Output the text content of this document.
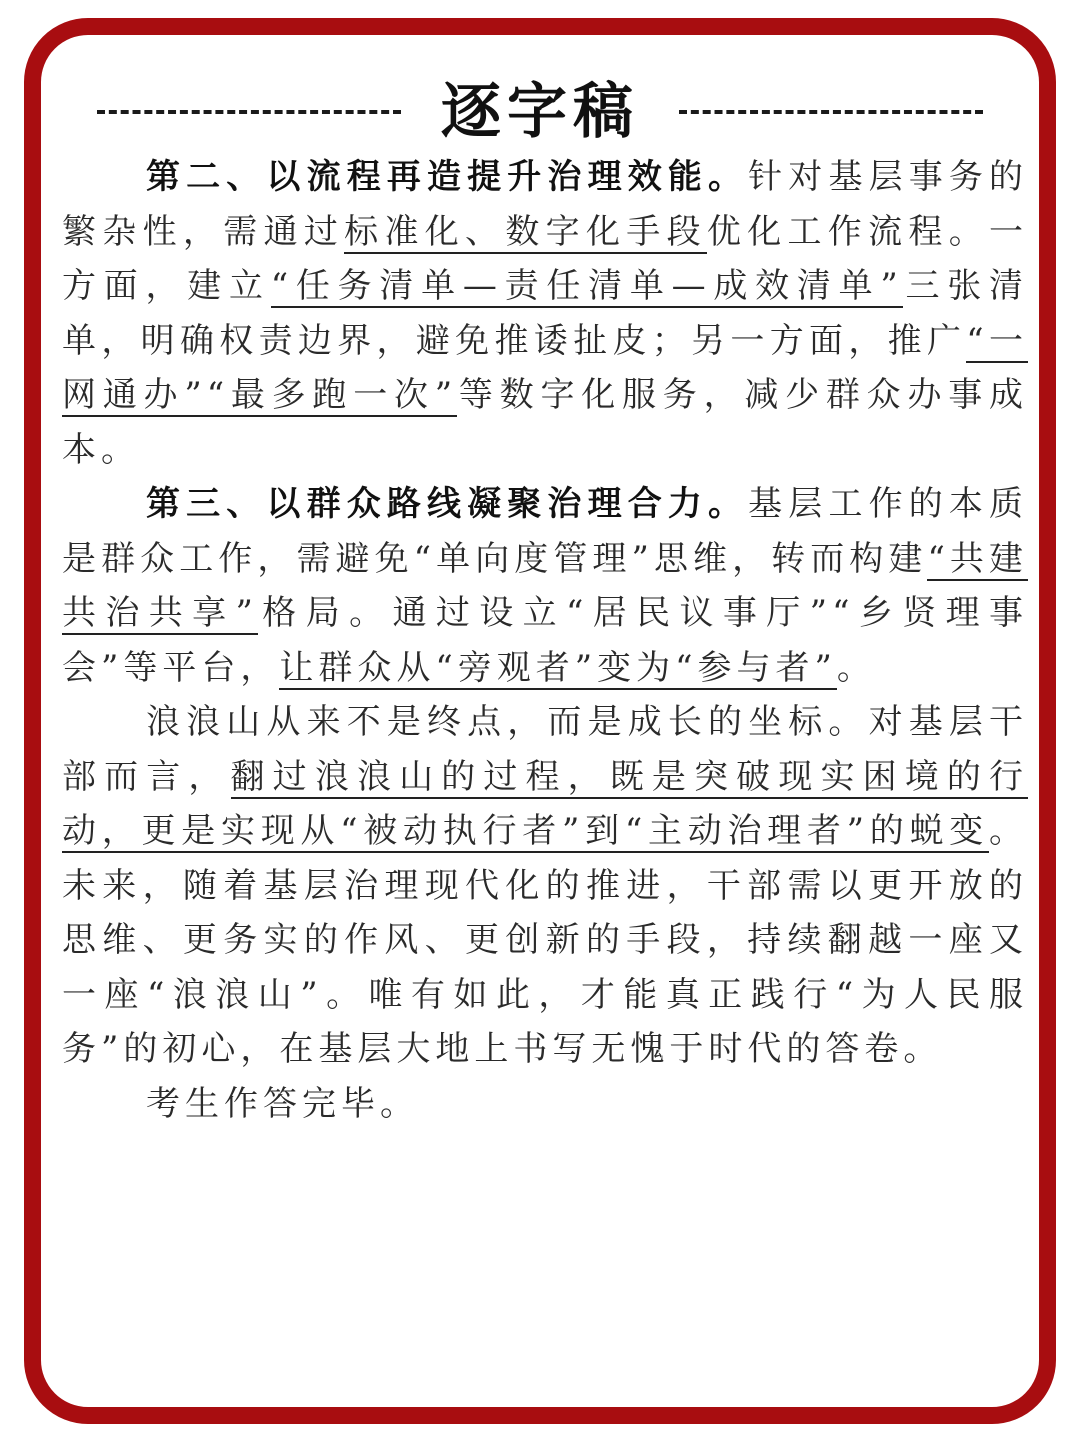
逐字稿

第二、以流程再造提升治理效能。针对基层事务的繁杂性，需通过标准化、数字化手段优化工作流程。一方面，建立“任务清单—责任清单—成效清单”三张清单，明确权责边界，避免推诿扯皮；另一方面，推广“一网通办”“最多跑一次”等数字化服务，减少群众办事成本。

第三、以群众路线凝聚治理合力。基层工作的本质是群众工作，需避免“单向度管理”思维，转而构建“共建共治共享”格局。通过设立“居民议事厅”“乡贤理事会”等平台，让群众从“旁观者”变为“参与者”。

浪浪山从来不是终点，而是成长的坐标。对基层干部而言，翻过浪浪山的过程，既是突破现实困境的行动，更是实现从“被动执行者”到“主动治理者”的蜕变。未来，随着基层治理现代化的推进，干部需以更开放的思维、更务实的作风、更创新的手段，持续翻越一座又一座“浪浪山”。唯有如此，才能真正践行“为人民服务”的初心，在基层大地上书写无愧于时代的答卷。

考生作答完毕。
